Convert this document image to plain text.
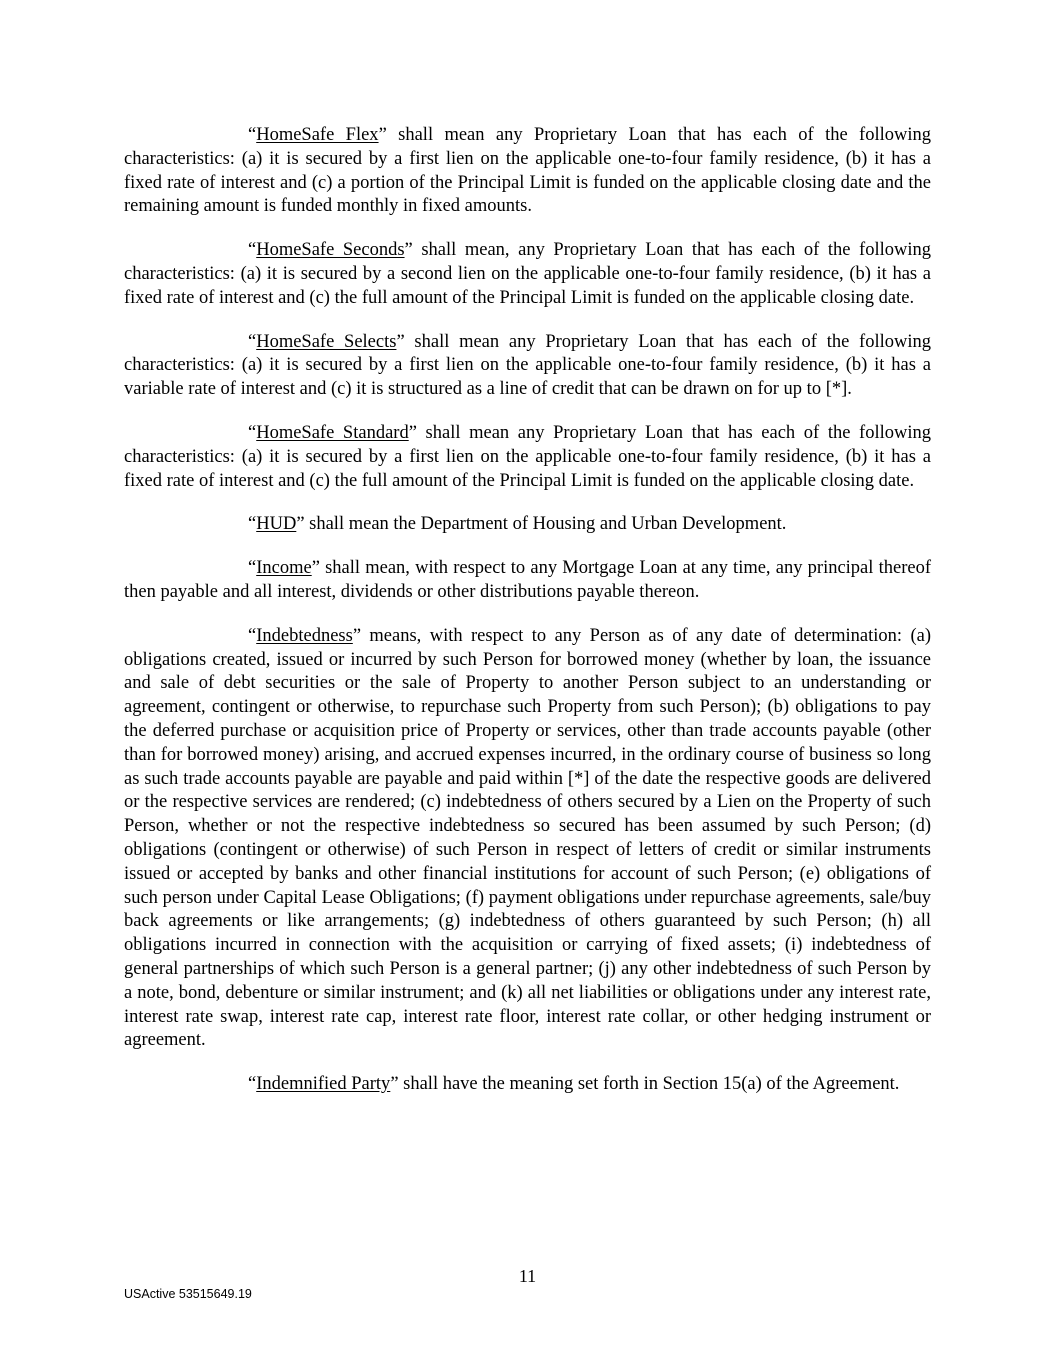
“HomeSafe Flex” shall mean any Proprietary Loan that has each of the following characteristics: (a) it is secured by a first lien on the applicable one-to-four family residence, (b) it has a fixed rate of interest and (c) a portion of the Principal Limit is funded on the applicable closing date and the remaining amount is funded monthly in fixed amounts.

“HomeSafe Seconds” shall mean, any Proprietary Loan that has each of the following characteristics: (a) it is secured by a second lien on the applicable one-to-four family residence, (b) it has a fixed rate of interest and (c) the full amount of the Principal Limit is funded on the applicable closing date.

“HomeSafe Selects” shall mean any Proprietary Loan that has each of the following characteristics: (a) it is secured by a first lien on the applicable one-to-four family residence, (b) it has a variable rate of interest and (c) it is structured as a line of credit that can be drawn on for up to [*].

“HomeSafe Standard” shall mean any Proprietary Loan that has each of the following characteristics: (a) it is secured by a first lien on the applicable one-to-four family residence, (b) it has a fixed rate of interest and (c) the full amount of the Principal Limit is funded on the applicable closing date.

“HUD” shall mean the Department of Housing and Urban Development.

“Income” shall mean, with respect to any Mortgage Loan at any time, any principal thereof then payable and all interest, dividends or other distributions payable thereon.

“Indebtedness” means, with respect to any Person as of any date of determination: (a) obligations created, issued or incurred by such Person for borrowed money (whether by loan, the issuance and sale of debt securities or the sale of Property to another Person subject to an understanding or agreement, contingent or otherwise, to repurchase such Property from such Person); (b) obligations to pay the deferred purchase or acquisition price of Property or services, other than trade accounts payable (other than for borrowed money) arising, and accrued expenses incurred, in the ordinary course of business so long as such trade accounts payable are payable and paid within [*] of the date the respective goods are delivered or the respective services are rendered; (c) indebtedness of others secured by a Lien on the Property of such Person, whether or not the respective indebtedness so secured has been assumed by such Person; (d) obligations (contingent or otherwise) of such Person in respect of letters of credit or similar instruments issued or accepted by banks and other financial institutions for account of such Person; (e) obligations of such person under Capital Lease Obligations; (f) payment obligations under repurchase agreements, sale/buy back agreements or like arrangements; (g) indebtedness of others guaranteed by such Person; (h) all obligations incurred in connection with the acquisition or carrying of fixed assets; (i) indebtedness of general partnerships of which such Person is a general partner; (j) any other indebtedness of such Person by a note, bond, debenture or similar instrument; and (k) all net liabilities or obligations under any interest rate, interest rate swap, interest rate cap, interest rate floor, interest rate collar, or other hedging instrument or agreement.

“Indemnified Party” shall have the meaning set forth in Section 15(a) of the Agreement.

11
USActive 53515649.19
